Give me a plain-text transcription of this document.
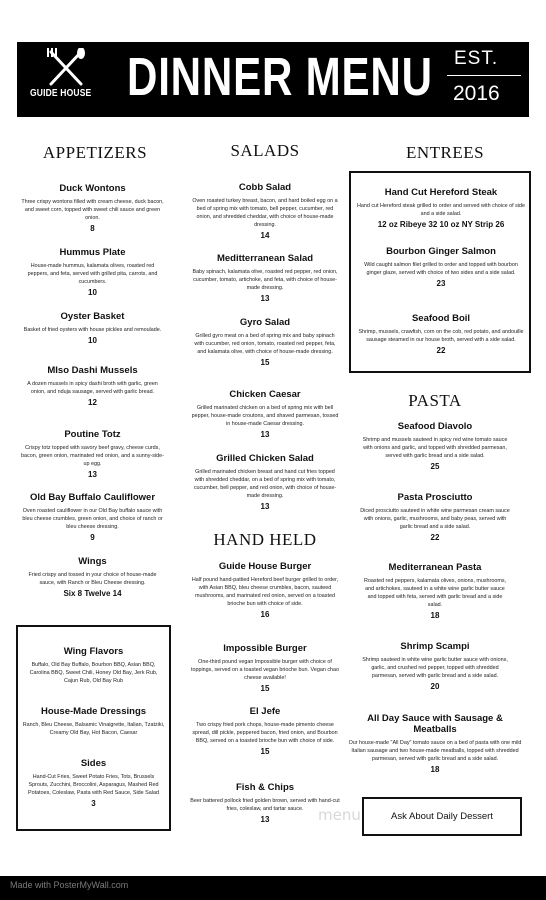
GUIDE HOUSE DINNER MENU EST.
2016
APPETIZERS	SALADS	ENTREES
HAND HELD
PASTA
Duck Wontons
Three crispy wontons filled with cream cheese, duck bacon, and sweet corn, topped with sweet chili sauce and green onion.
8
Hummus Plate
House-made hummus, kalamata olives, roasted red peppers, and feta, served with grilled pita, carrots, and cucumbers.
10
Oyster Basket
Basket of fried oysters with house pickles and remoulade.
10
MIso Dashi Mussels
A dozen mussels in spicy dashi broth with garlic, green onion, and nduja sausage, served with garlic bread.
12
Poutine Totz
Crispy totz topped with savory beef gravy, cheese curds, bacon, green onion, marinated red onion, and a sunny-side-up egg.
13
Old Bay Buffalo Cauliflower
Oven roasted cauliflower in our Old Bay buffalo sauce with bleu cheese crumbles, green onion, and choice of ranch or bleu cheese dressing.
9
Wings
Fried crispy and tossed in your choice of house-made sauce, with Ranch or Bleu Cheese dressing.
Six 8 Twelve 14
Wing Flavors
Buffalo, Old Bay Buffalo, Bourbon BBQ, Asian BBQ, Carolina BBQ, Sweet Chili, Honey Old Bay, Jerk Rub, Cajun Rub, Old Bay Rub
House-Made Dressings
Ranch, Bleu Cheese, Balsamic Vinaigrette, Italian, Tzatziki, Creamy Old Bay, Hot Bacon, Caesar
Sides
Hand-Cut Fries, Sweet Potato Fries, Tots, Brussels Sprouts, Zucchini, Broccolini, Asparagus, Mashed Red Potatoes, Coleslaw, Pasta with Red Sauce, Side Salad
3
Cobb Salad
Oven roasted turkey breast, bacon, and hard boiled egg on a bed of spring mix with tomato, bell pepper, cucumber, red onion, and shredded cheddar, with choice of house-made dressing.
14
Meditterranean Salad
Baby spinach, kalamata olive, roasted red pepper, red onion, cucumber, tomato, artichoke, and feta, with choice of house-made dressing.
13
Gyro Salad
Grilled gyro meat on a bed of spring mix and baby spinach with cucumber, red onion, tomato, roasted red pepper, feta, and kalamata olive, with choice of house-made dressing.
15
Chicken Caesar
Grilled marinated chicken on a bed of spring mix with bell pepper, house-made croutons, and shaved parmesan, tossed in house-made Caesar dressing.
13
Grilled Chicken Salad
Grilled marinated chicken breast and hand cut fries topped with shredded cheddar, on a bed of spring mix with tomato, cucumber, bell pepper, and red onion, with choice of house-made dressing.
13
Guide House Burger
Half pound hand-pattied Hereford beef burger grilled to order, with Asian BBQ, bleu cheese crumbles, bacon, sauteed mushrooms, and marinated red onion, served on a toasted brioche bun with choice of side.
16
Impossible Burger
One-third pound vegan Impossible burger with choice of toppings, served on a toasted vegan brioche bun. Vegan chao cheese available!
15
El Jefe
Two crispy fried pork chops, house-made pimento cheese spread, dill pickle, peppered bacon, fried onion, and Bourbon BBQ, served on a toasted brioche bun with choice of side.
15
Fish & Chips
Beer battered pollock fried golden brown, served with hand-cut fries, coleslaw, and tartar sauce.
13
Hand Cut Hereford Steak
Hand cut Hereford steak grilled to order and served with choice of side and a side salad.
12 oz Ribeye 32 10 oz NY Strip 26
Bourbon Ginger Salmon
Wild caught salmon filet grilled to order and topped with bourbon ginger glaze, served with choice of two sides and a side salad.
23
Seafood Boil
Shrimp, mussels, crawfish, corn on the cob, red potato, and andouille sausage steamed in our house broth, served with a side salad.
22
Seafood Diavolo
Shrimp and mussels sauteed in spicy red wine tomato sauce with onions and garlic, and topped with shredded parmesan, served with garlic bread and a side salad.
25
Pasta Prosciutto
Diced prosciutto sauteed in white wine parmesan cream sauce with onions, garlic, mushrooms, and baby peas, served with garlic bread and a side salad.
22
Mediterranean Pasta
Roasted red peppers, kalamata olives, onions, mushrooms, and artichokes, sauteed in a white wine garlic butter sauce and topped with feta, served with garlic bread and a side salad.
18
Shrimp Scampi
Shrimp sauteed in white wine garlic butter sauce with onions, garlic, and crushed red pepper, topped with shredded parmesan, served with garlic bread and a side salad.
20
All Day Sauce with Sausage & Meatballs
Our house-made "All Day" tomato sauce on a bed of pasta with one mild Italian sausage and two house-made meatballs, topped with shredded parmesan, served with garlic bread and a side salad.
18
Ask About Daily Dessert
menu
Made with PosterMyWall.com
